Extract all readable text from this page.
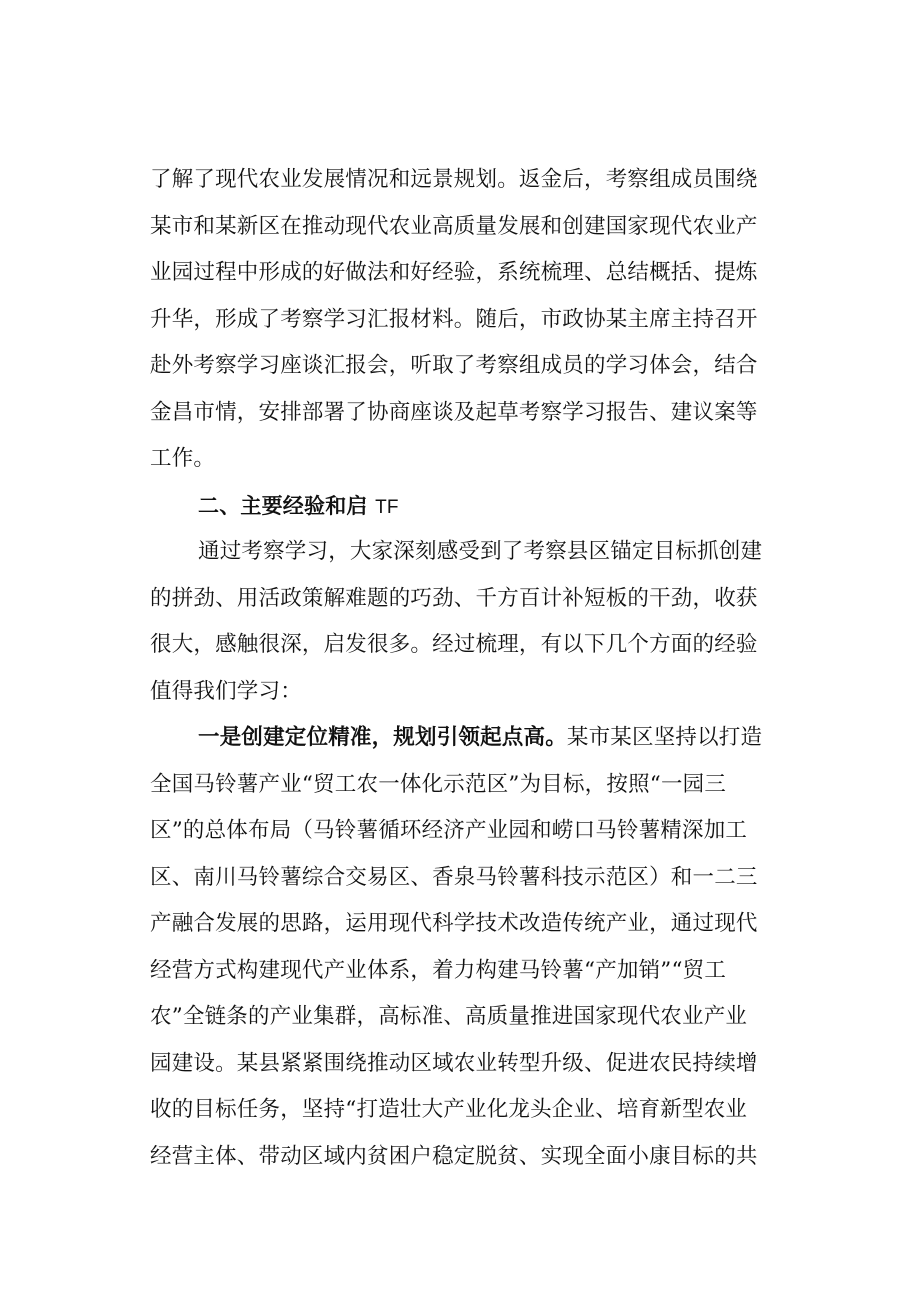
了解了现代农业发展情况和远景规划。返金后，考察组成员围绕
某市和某新区在推动现代农业高质量发展和创建国家现代农业产
业园过程中形成的好做法和好经验，系统梳理、总结概括、提炼
升华，形成了考察学习汇报材料。随后，市政协某主席主持召开
赴外考察学习座谈汇报会，听取了考察组成员的学习体会，结合
金昌市情，安排部署了协商座谈及起草考察学习报告、建议案等
工作。
二、主要经验和启 TF
通过考察学习，大家深刻感受到了考察县区锚定目标抓创建
的拼劲、用活政策解难题的巧劲、千方百计补短板的干劲，收获
很大，感触很深，启发很多。经过梳理，有以下几个方面的经验
值得我们学习：
一是创建定位精准，规划引领起点高。某市某区坚持以打造
全国马铃薯产业“贸工农一体化示范区”为目标，按照“一园三
区”的总体布局（马铃薯循环经济产业园和崂口马铃薯精深加工
区、南川马铃薯综合交易区、香泉马铃薯科技示范区）和一二三
产融合发展的思路，运用现代科学技术改造传统产业，通过现代
经营方式构建现代产业体系，着力构建马铃薯“产加销”“贸工
农”全链条的产业集群，高标准、高质量推进国家现代农业产业
园建设。某县紧紧围绕推动区域农业转型升级、促进农民持续增
收的目标任务，坚持“打造壮大产业化龙头企业、培育新型农业
经营主体、带动区域内贫困户稳定脱贫、实现全面小康目标的共
